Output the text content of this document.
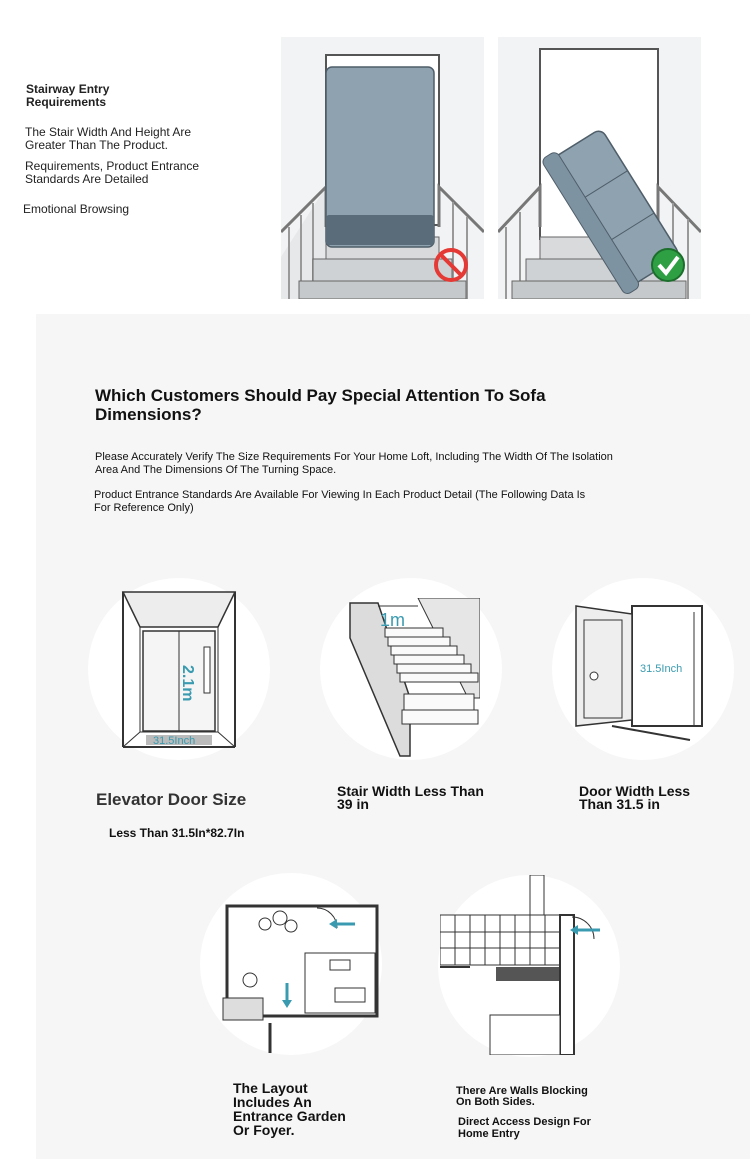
Stairway Entry
Requirements
The Stair Width And Height Are
Greater Than The Product.
Requirements, Product Entrance
Standards Are Detailed
Emotional Browsing
Which Customers Should Pay Special Attention To Sofa Dimensions?
Please Accurately Verify The Size Requirements For Your Home Loft, Including The Width Of The Isolation Area And The Dimensions Of The Turning Space.
Product Entrance Standards Are Available For Viewing In Each Product Detail (The Following Data Is For Reference Only)
2.1m
31.5Inch
Elevator Door Size
Less Than 31.5In*82.7In
1m
Stair Width Less Than 39 in
31.5Inch
Door Width Less Than 31.5 in
The Layout Includes An Entrance Garden Or Foyer.
There Are Walls Blocking On Both Sides.
Direct Access Design For Home Entry
